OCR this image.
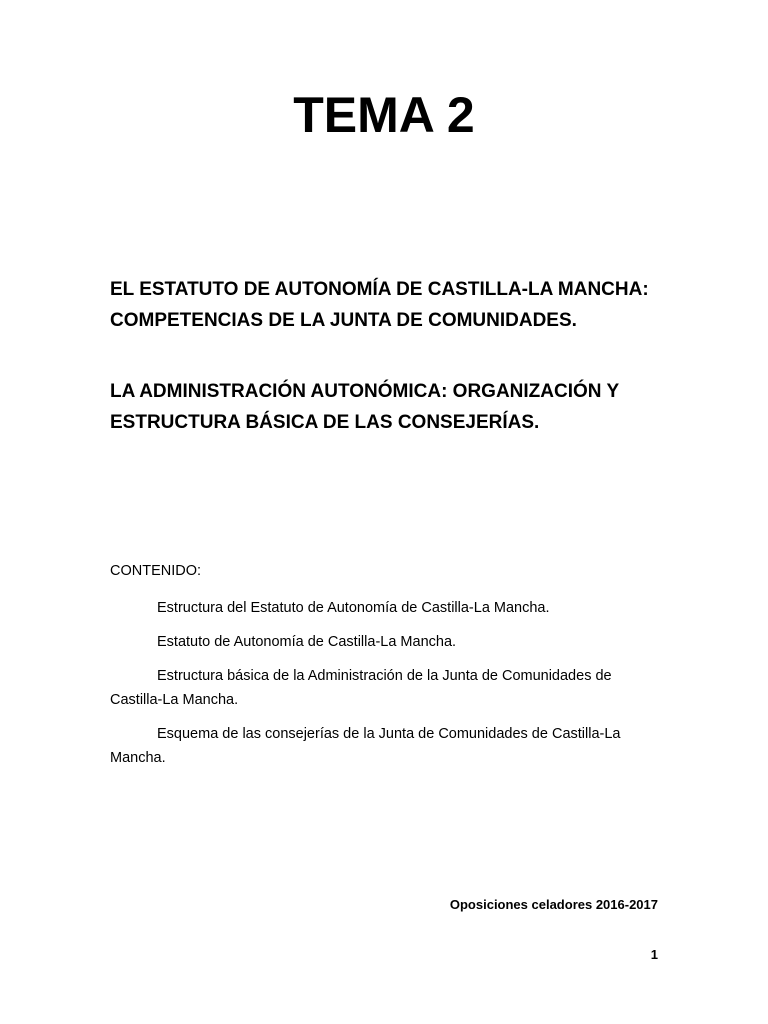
TEMA 2

EL ESTATUTO DE AUTONOMÍA DE CASTILLA-LA MANCHA: COMPETENCIAS DE LA JUNTA DE COMUNIDADES.

LA ADMINISTRACIÓN AUTONÓMICA: ORGANIZACIÓN Y ESTRUCTURA BÁSICA DE LAS CONSEJERÍAS.

CONTENIDO:

Estructura del Estatuto de Autonomía de Castilla-La Mancha.
Estatuto de Autonomía de Castilla-La Mancha.
Estructura básica de la Administración de la Junta de Comunidades de Castilla-La Mancha.
Esquema de las consejerías de la Junta de Comunidades de Castilla-La Mancha.

Oposiciones celadores 2016-2017

1
